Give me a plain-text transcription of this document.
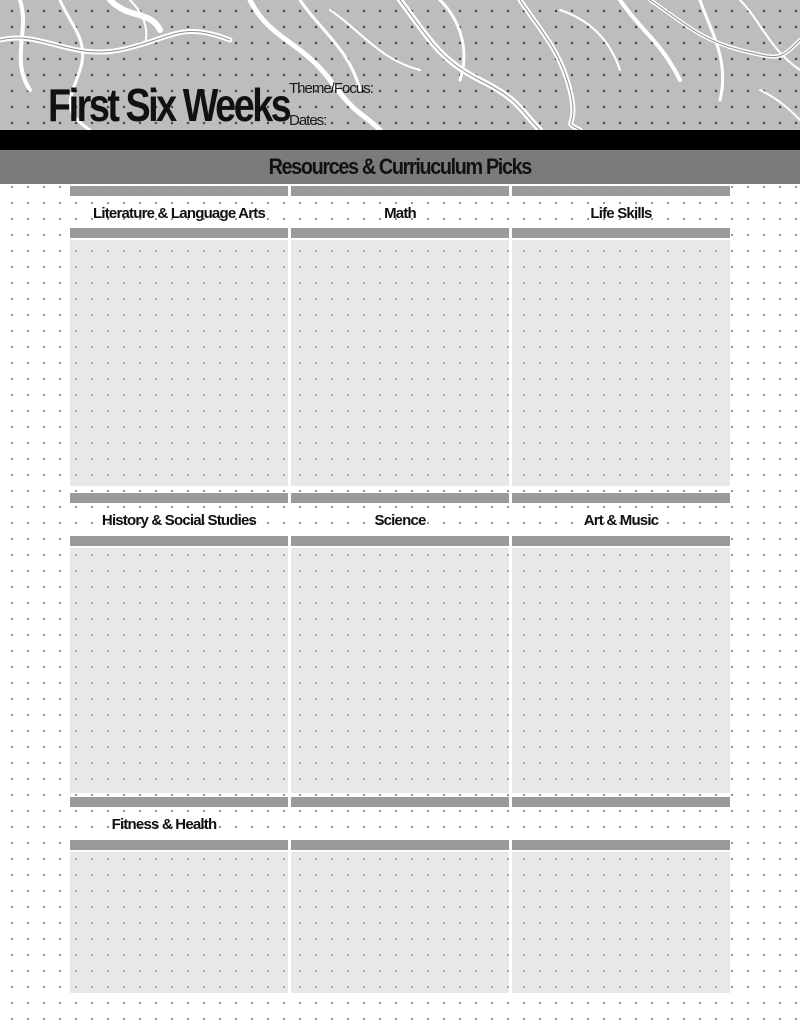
First Six Weeks Theme/Focus:
Dates:
Resources & Curriuculum Picks
Literature & Language Arts	Math	Life Skills
History & Social Studies	Science	Art & Music
Fitness & Health
